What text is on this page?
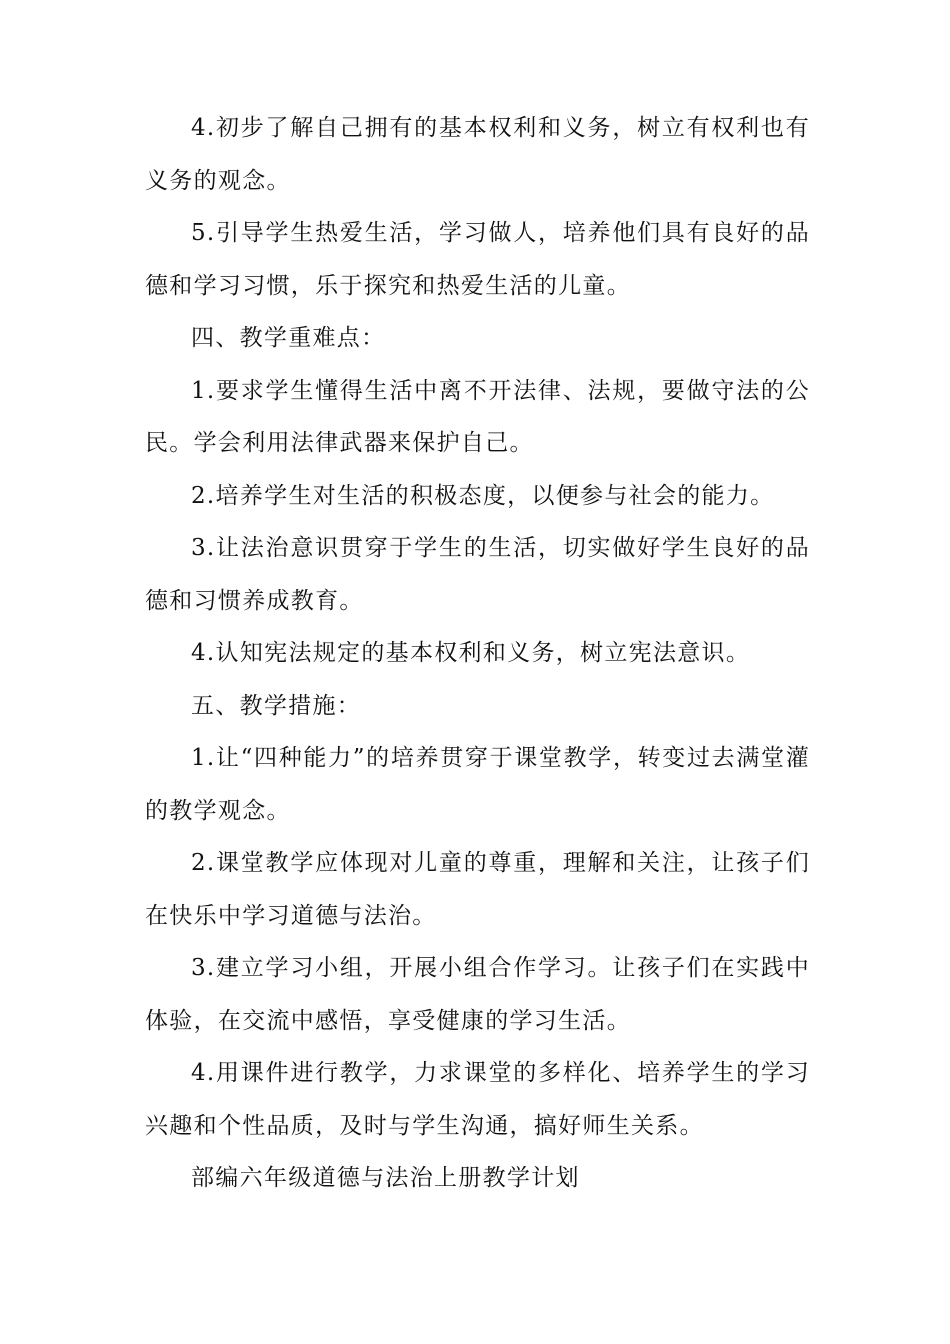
4.初步了解自己拥有的基本权利和义务，树立有权利也有义务的观念。

5.引导学生热爱生活，学习做人，培养他们具有良好的品德和学习习惯，乐于探究和热爱生活的儿童。

四、教学重难点：

1.要求学生懂得生活中离不开法律、法规，要做守法的公民。学会利用法律武器来保护自己。

2.培养学生对生活的积极态度，以便参与社会的能力。

3.让法治意识贯穿于学生的生活，切实做好学生良好的品德和习惯养成教育。

4.认知宪法规定的基本权利和义务，树立宪法意识。

五、教学措施：

1.让“四种能力”的培养贯穿于课堂教学，转变过去满堂灌的教学观念。

2.课堂教学应体现对儿童的尊重，理解和关注，让孩子们在快乐中学习道德与法治。

3.建立学习小组，开展小组合作学习。让孩子们在实践中体验，在交流中感悟，享受健康的学习生活。

4.用课件进行教学，力求课堂的多样化、培养学生的学习兴趣和个性品质，及时与学生沟通，搞好师生关系。

部编六年级道德与法治上册教学计划
